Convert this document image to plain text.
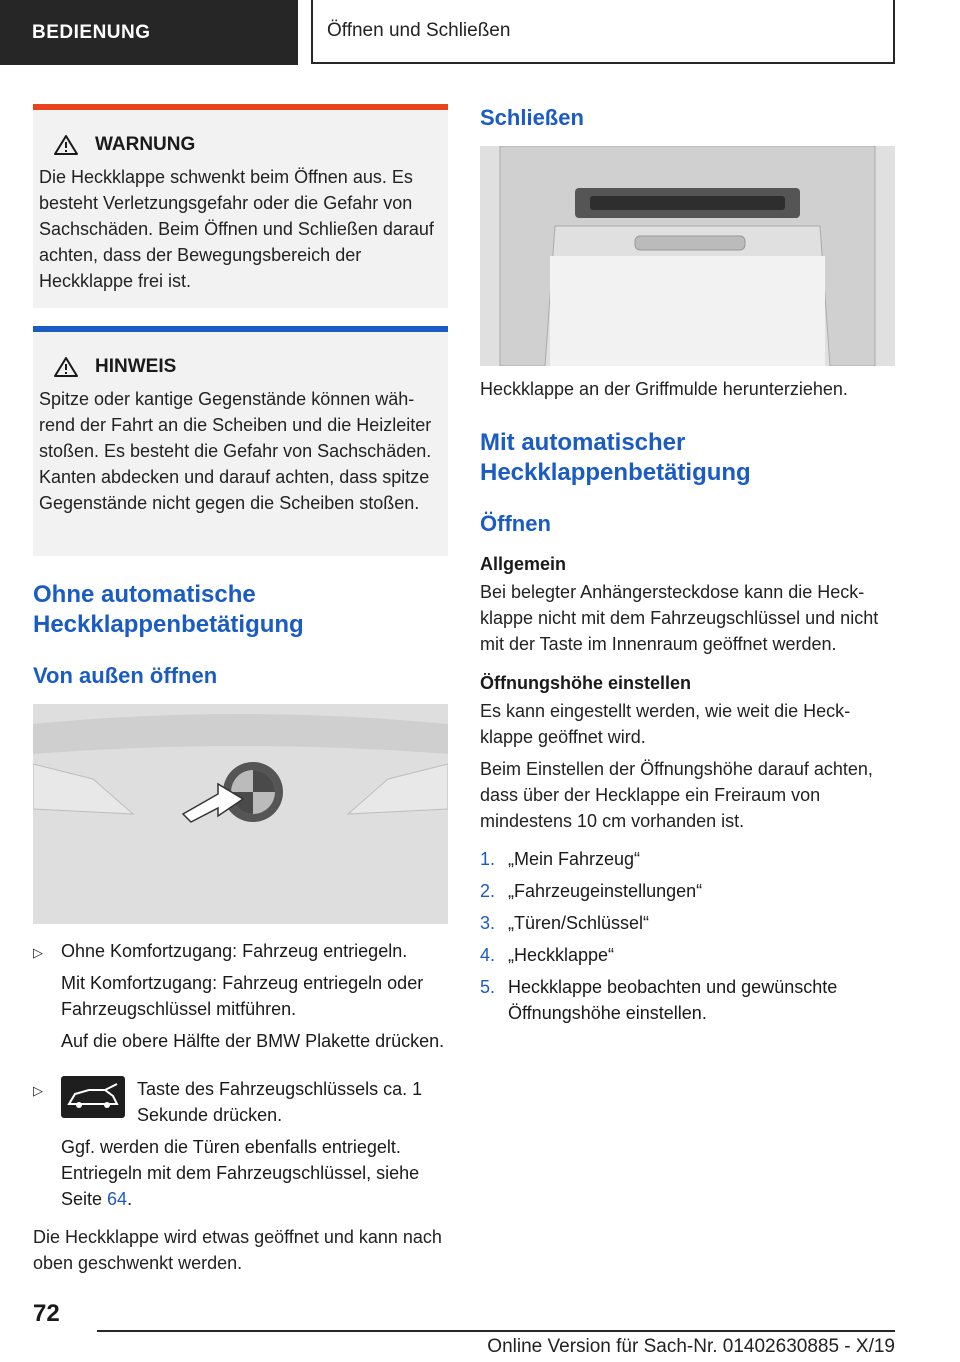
BEDIENUNG	Öffnen und Schließen
WARNUNG

Die Heckklappe schwenkt beim Öffnen aus. Es besteht Verletzungsgefahr oder die Gefahr von Sachschäden. Beim Öffnen und Schließen darauf achten, dass der Bewegungsbereich der Heckklappe frei ist.

HINWEIS

Spitze oder kantige Gegenstände können während der Fahrt an die Scheiben und die Heizleiter stoßen. Es besteht die Gefahr von Sachschäden. Kanten abdecken und darauf achten, dass spitze Gegenstände nicht gegen die Scheiben stoßen.

Ohne automatische Heckklappenbetätigung
Von außen öffnen
▷	Ohne Komfortzugang: Fahrzeug entriegeln.

Mit Komfortzugang: Fahrzeug entriegeln oder Fahrzeugschlüssel mitführen.

Auf die obere Hälfte der BMW Plakette drücken.

▷	Taste des Fahrzeugschlüssels ca. 1 Sekunde drücken.

Ggf. werden die Türen ebenfalls entriegelt.

Entriegeln mit dem Fahrzeugschlüssel, siehe Seite 64.

Die Heckklappe wird etwas geöffnet und kann nach oben geschwenkt werden.

Schließen

Heckklappe an der Griffmulde herunterziehen.

Mit automatischer Heckklappenbetätigung
Öffnen
Allgemein

Bei belegter Anhängersteckdose kann die Heckklappe nicht mit dem Fahrzeugschlüssel und nicht mit der Taste im Innenraum geöffnet werden.

Öffnungshöhe einstellen

Es kann eingestellt werden, wie weit die Heckklappe geöffnet wird.

Beim Einstellen der Öffnungshöhe darauf achten, dass über der Hecklappe ein Freiraum von mindestens 10 cm vorhanden ist.

1. „Mein Fahrzeug“
2. „Fahrzeugeinstellungen“
3. „Türen/Schlüssel“
4. „Heckklappe“
5. Heckklappe beobachten und gewünschte Öffnungshöhe einstellen.
72
Online Version für Sach-Nr. 01402630885 - X/19
